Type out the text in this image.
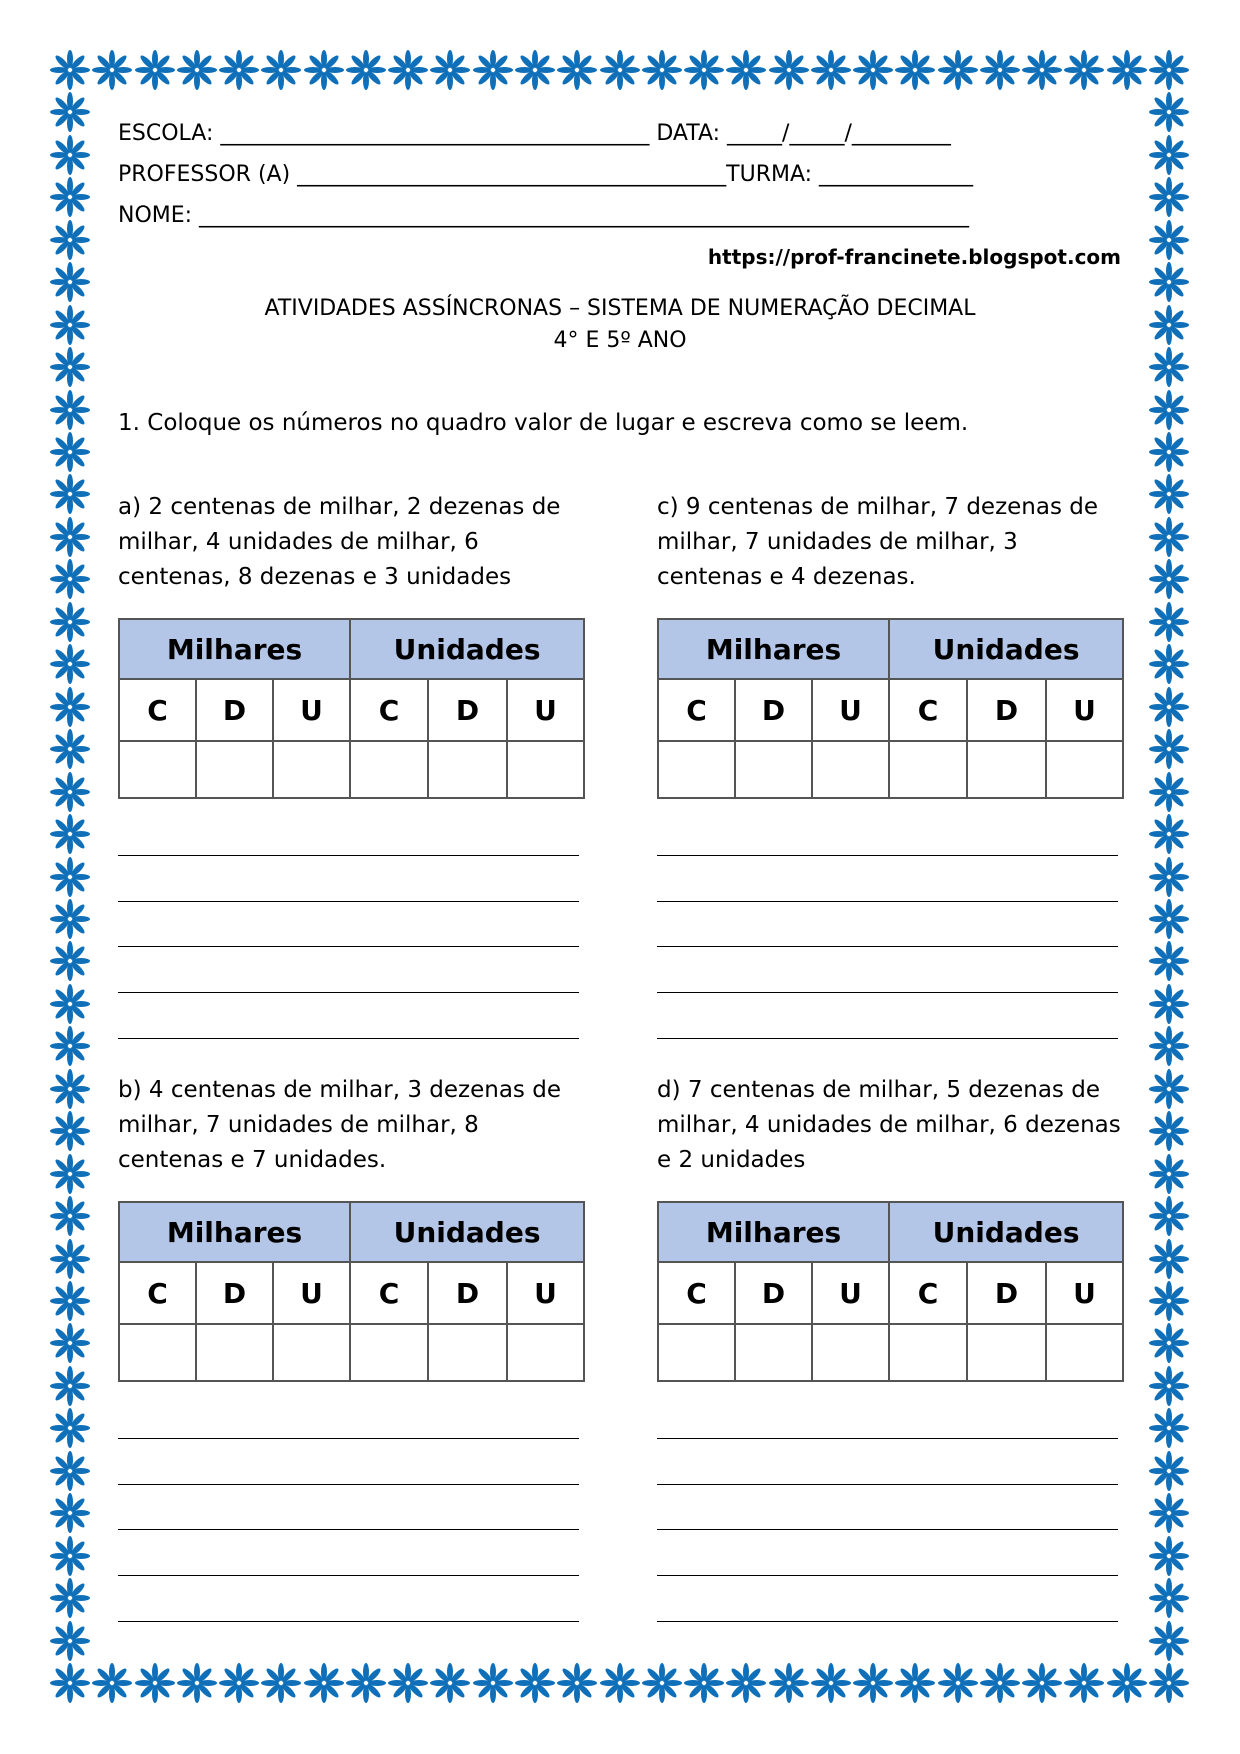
ESCOLA: _______________________________________ DATA: _____/_____/_________
PROFESSOR (A) _______________________________________TURMA: ______________
NOME: ______________________________________________________________________
https://prof-francinete.blogspot.com
ATIVIDADES ASSÍNCRONAS – SISTEMA DE NUMERAÇÃO DECIMAL
4° E 5º ANO
1. Coloque os números no quadro valor de lugar e escreva como se leem.
a) 2 centenas de milhar, 2 dezenas de milhar, 4 unidades de milhar, 6 centenas, 8 dezenas e 3 unidades
Milhares			Unidades		
C	D	U	C	D	U

c) 9 centenas de milhar, 7 dezenas de milhar, 7 unidades de milhar, 3 centenas e 4 dezenas.
Milhares			Unidades		
C	D	U	C	D	U

b) 4 centenas de milhar, 3 dezenas de milhar, 7 unidades de milhar, 8 centenas e 7 unidades.
Milhares			Unidades		
C	D	U	C	D	U

d) 7 centenas de milhar, 5 dezenas de milhar, 4 unidades de milhar, 6 dezenas e 2 unidades
Milhares			Unidades		
C	D	U	C	D	U
